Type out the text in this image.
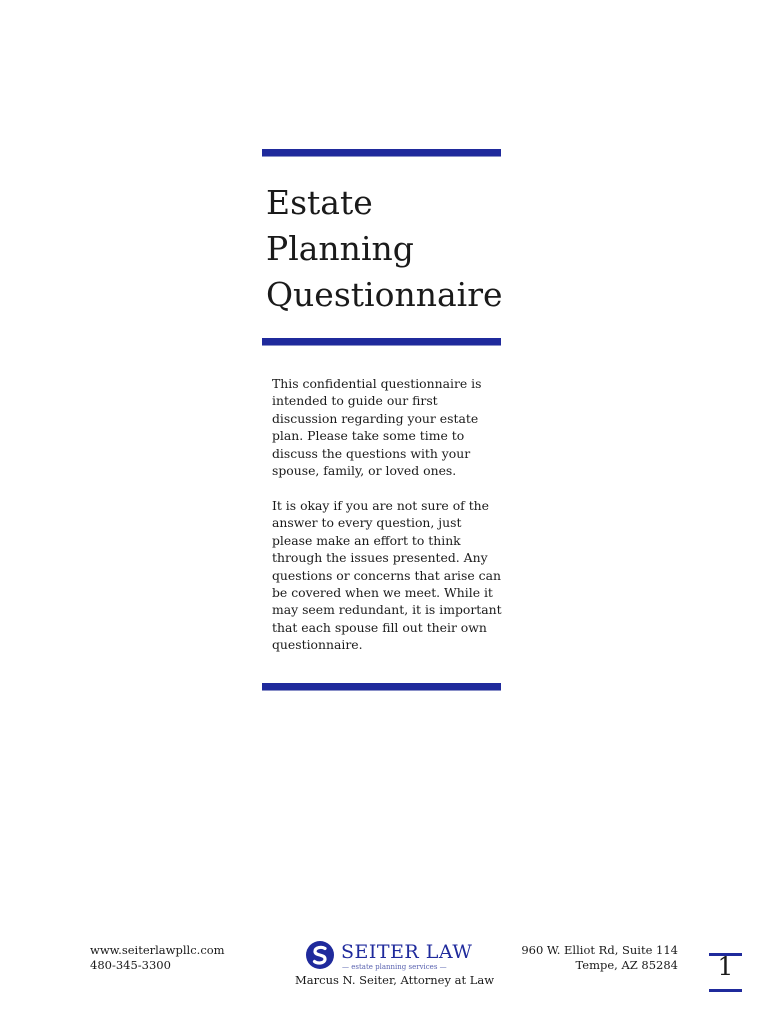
Estate
Planning
Questionnaire

This confidential questionnaire is intended to guide our first discussion regarding your estate plan. Please take some time to discuss the questions with your spouse, family, or loved ones.

It is okay if you are not sure of the answer to every question, just please make an effort to think through the issues presented. Any questions or concerns that arise can be covered when we meet. While it may seem redundant, it is important that each spouse fill out their own questionnaire.

www.seiterlawpllc.com
480-345-3300
SEITER LAW
— estate planning services —
Marcus N. Seiter, Attorney at Law
960 W. Elliot Rd, Suite 114
Tempe, AZ 85284	1
